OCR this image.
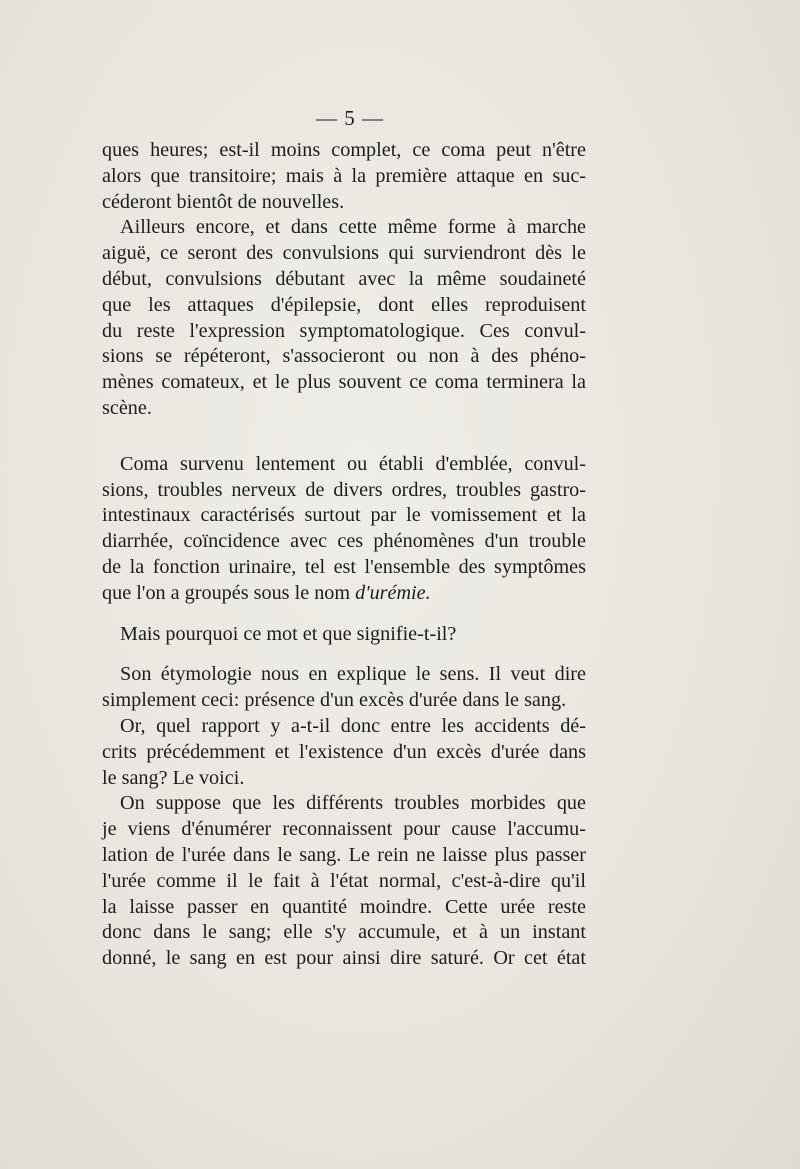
— 5 —
ques heures; est-il moins complet, ce coma peut n'être
alors que transitoire; mais à la première attaque en suc-
céderont bientôt de nouvelles.
Ailleurs encore, et dans cette même forme à marche
aiguë, ce seront des convulsions qui surviendront dès le
début, convulsions débutant avec la même soudaineté
que les attaques d'épilepsie, dont elles reproduisent
du reste l'expression symptomatologique. Ces convul-
sions se répéteront, s'associeront ou non à des phéno-
mènes comateux, et le plus souvent ce coma terminera la
scène.
Coma survenu lentement ou établi d'emblée, convul-
sions, troubles nerveux de divers ordres, troubles gastro-
intestinaux caractérisés surtout par le vomissement et la
diarrhée, coïncidence avec ces phénomènes d'un trouble
de la fonction urinaire, tel est l'ensemble des symptômes
que l'on a groupés sous le nom d'urémie.
Mais pourquoi ce mot et que signifie-t-il?
Son étymologie nous en explique le sens. Il veut dire
simplement ceci: présence d'un excès d'urée dans le sang.
Or, quel rapport y a-t-il donc entre les accidents dé-
crits précédemment et l'existence d'un excès d'urée dans
le sang? Le voici.
On suppose que les différents troubles morbides que
je viens d'énumérer reconnaissent pour cause l'accumu-
lation de l'urée dans le sang. Le rein ne laisse plus passer
l'urée comme il le fait à l'état normal, c'est-à-dire qu'il
la laisse passer en quantité moindre. Cette urée reste
donc dans le sang; elle s'y accumule, et à un instant
donné, le sang en est pour ainsi dire saturé. Or cet état
